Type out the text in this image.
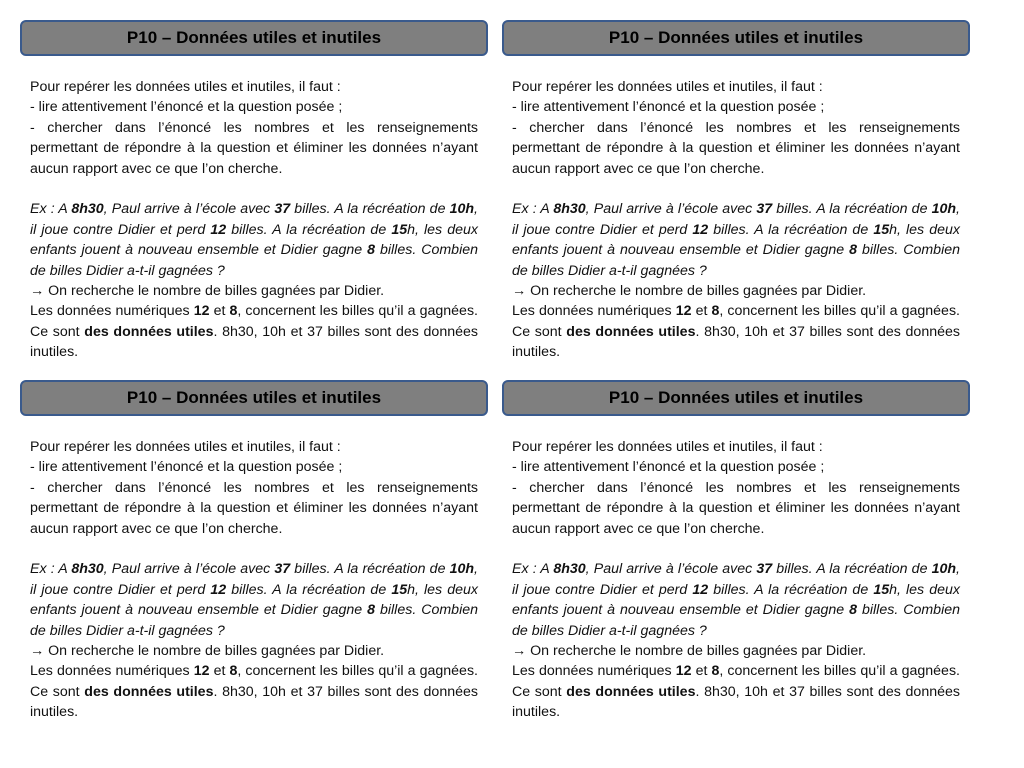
P10 – Données utiles et inutiles

Pour repérer les données utiles et inutiles, il faut :

- lire attentivement l’énoncé et la question posée ;

- chercher dans l’énoncé les nombres et les renseignements permettant de répondre à la question et éliminer les données n’ayant aucun rapport avec ce que l’on cherche.

Ex : A 8h30, Paul arrive à l’école avec 37 billes. A la récréation de 10h, il joue contre Didier et perd 12 billes. A la récréation de 15h, les deux enfants jouent à nouveau ensemble et Didier gagne 8 billes. Combien de billes Didier a-t-il gagnées ?

→ On recherche le nombre de billes gagnées par Didier.

Les données numériques 12 et 8, concernent les billes qu’il a gagnées. Ce sont des données utiles. 8h30, 10h et 37 billes sont des données inutiles.

P10 – Données utiles et inutiles

Pour repérer les données utiles et inutiles, il faut :

- lire attentivement l’énoncé et la question posée ;

- chercher dans l’énoncé les nombres et les renseignements permettant de répondre à la question et éliminer les données n’ayant aucun rapport avec ce que l’on cherche.

Ex : A 8h30, Paul arrive à l’école avec 37 billes. A la récréation de 10h, il joue contre Didier et perd 12 billes. A la récréation de 15h, les deux enfants jouent à nouveau ensemble et Didier gagne 8 billes. Combien de billes Didier a-t-il gagnées ?

→ On recherche le nombre de billes gagnées par Didier.

Les données numériques 12 et 8, concernent les billes qu’il a gagnées. Ce sont des données utiles. 8h30, 10h et 37 billes sont des données inutiles.

P10 – Données utiles et inutiles

Pour repérer les données utiles et inutiles, il faut :

- lire attentivement l’énoncé et la question posée ;

- chercher dans l’énoncé les nombres et les renseignements permettant de répondre à la question et éliminer les données n’ayant aucun rapport avec ce que l’on cherche.

Ex : A 8h30, Paul arrive à l’école avec 37 billes. A la récréation de 10h, il joue contre Didier et perd 12 billes. A la récréation de 15h, les deux enfants jouent à nouveau ensemble et Didier gagne 8 billes. Combien de billes Didier a-t-il gagnées ?

→ On recherche le nombre de billes gagnées par Didier.

Les données numériques 12 et 8, concernent les billes qu’il a gagnées. Ce sont des données utiles. 8h30, 10h et 37 billes sont des données inutiles.

P10 – Données utiles et inutiles

Pour repérer les données utiles et inutiles, il faut :

- lire attentivement l’énoncé et la question posée ;

- chercher dans l’énoncé les nombres et les renseignements permettant de répondre à la question et éliminer les données n’ayant aucun rapport avec ce que l’on cherche.

Ex : A 8h30, Paul arrive à l’école avec 37 billes. A la récréation de 10h, il joue contre Didier et perd 12 billes. A la récréation de 15h, les deux enfants jouent à nouveau ensemble et Didier gagne 8 billes. Combien de billes Didier a-t-il gagnées ?

→ On recherche le nombre de billes gagnées par Didier.

Les données numériques 12 et 8, concernent les billes qu’il a gagnées. Ce sont des données utiles. 8h30, 10h et 37 billes sont des données inutiles.
